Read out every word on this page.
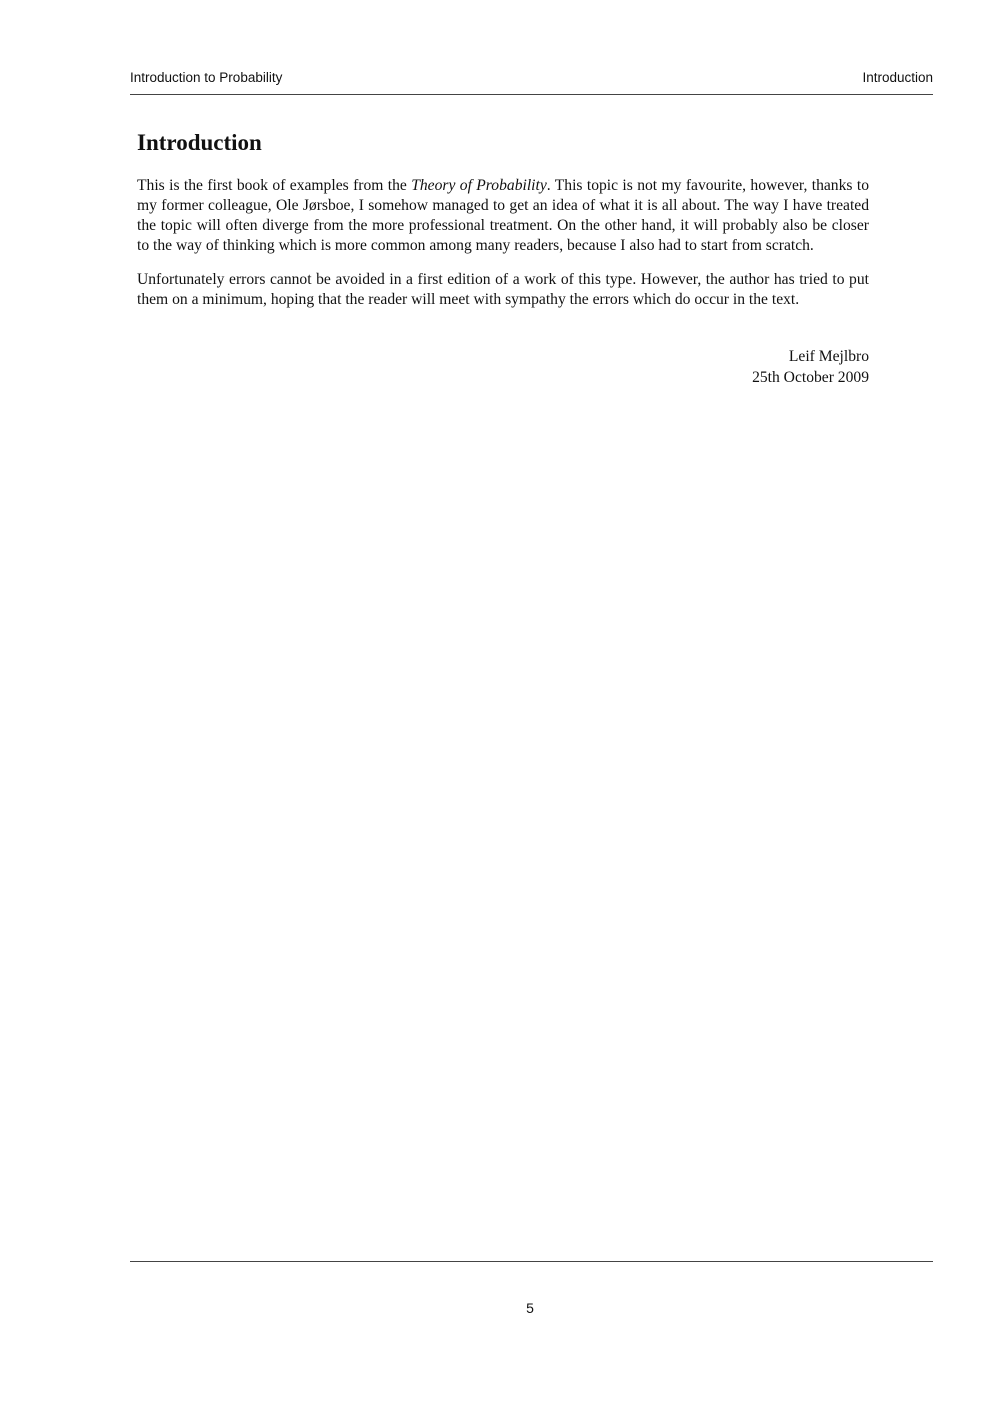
Introduction to Probability	Introduction
Introduction

This is the first book of examples from the Theory of Probability. This topic is not my favourite, however, thanks to my former colleague, Ole Jørsboe, I somehow managed to get an idea of what it is all about. The way I have treated the topic will often diverge from the more professional treatment. On the other hand, it will probably also be closer to the way of thinking which is more common among many readers, because I also had to start from scratch.

Unfortunately errors cannot be avoided in a first edition of a work of this type. However, the author has tried to put them on a minimum, hoping that the reader will meet with sympathy the errors which do occur in the text.

Leif Mejlbro
25th October 2009
5
